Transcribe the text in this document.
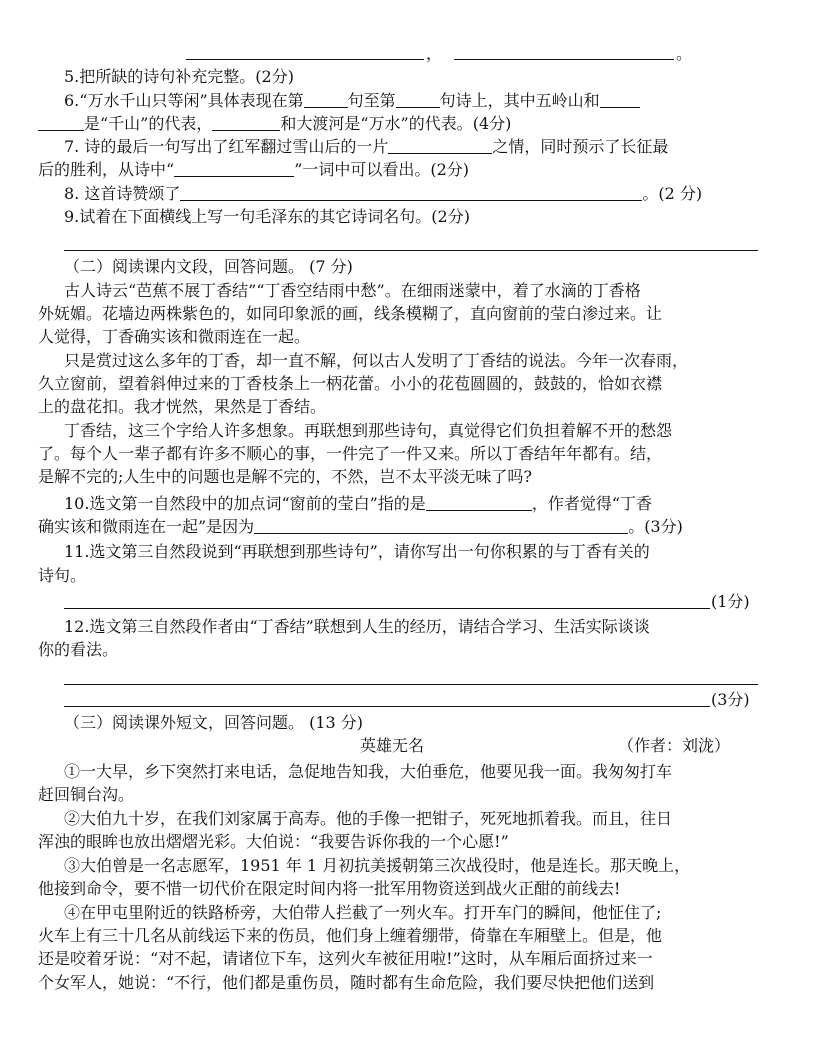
，	。
5.把所缺的诗句补充完整。(2分)
6.“万水千山只等闲”具体表现在第	句至第	句诗上，其中五岭山和
是“千山”的代表，	和大渡河是“万水”的代表。(4分)
7. 诗的最后一句写出了红军翻过雪山后的一片	之情，同时预示了长征最
后的胜利，从诗中“	”一词中可以看出。(2分)
8. 这首诗赞颂了	。(2 分)
9.试着在下面横线上写一句毛泽东的其它诗词名句。(2分)
（二）阅读课内文段，回答问题。 (7 分)
古人诗云“芭蕉不展丁香结”“丁香空结雨中愁”。在细雨迷蒙中，着了水滴的丁香格
外妩媚。花墙边两株紫色的，如同印象派的画，线条模糊了，直向窗前的莹白渗过来。让
人觉得，丁香确实该和微雨连在一起。
只是赏过这么多年的丁香，却一直不解，何以古人发明了丁香结的说法。今年一次春雨，
久立窗前，望着斜伸过来的丁香枝条上一柄花蕾。小小的花苞圆圆的，鼓鼓的，恰如衣襟
上的盘花扣。我才恍然，果然是丁香结。
丁香结，这三个字给人许多想象。再联想到那些诗句，真觉得它们负担着解不开的愁怨
了。每个人一辈子都有许多不顺心的事，一件完了一件又来。所以丁香结年年都有。结，
是解不完的;人生中的问题也是解不完的，不然，岂不太平淡无味了吗?
10.选文第一自然段中的加点词“窗前的莹白”指的是	，作者觉得“丁香
确实该和微雨连在一起”是因为	。(3分)
11.选文第三自然段说到“再联想到那些诗句”，请你写出一句你积累的与丁香有关的
诗句。
(1分)
12.选文第三自然段作者由“丁香结”联想到人生的经历，请结合学习、生活实际谈谈
你的看法。
(3分)
（三）阅读课外短文，回答问题。 (13 分)
英雄无名	（作者：刘泷）
①一大早，乡下突然打来电话，急促地告知我，大伯垂危，他要见我一面。我匆匆打车
赶回铜台沟。
②大伯九十岁，在我们刘家属于高寿。他的手像一把钳子，死死地抓着我。而且，往日
浑浊的眼眸也放出熠熠光彩。大伯说：“我要告诉你我的一个心愿!”
③大伯曾是一名志愿军，1951 年 1 月初抗美援朝第三次战役时，他是连长。那天晚上，
他接到命令，要不惜一切代价在限定时间内将一批军用物资送到战火正酣的前线去!
④在甲屯里附近的铁路桥旁，大伯带人拦截了一列火车。打开车门的瞬间，他怔住了;
火车上有三十几名从前线运下来的伤员，他们身上缠着绷带，倚靠在车厢壁上。但是，他
还是咬着牙说：“对不起，请诸位下车，这列火车被征用啦!”这时，从车厢后面挤过来一
个女军人，她说：“不行，他们都是重伤员，随时都有生命危险，我们要尽快把他们送到
